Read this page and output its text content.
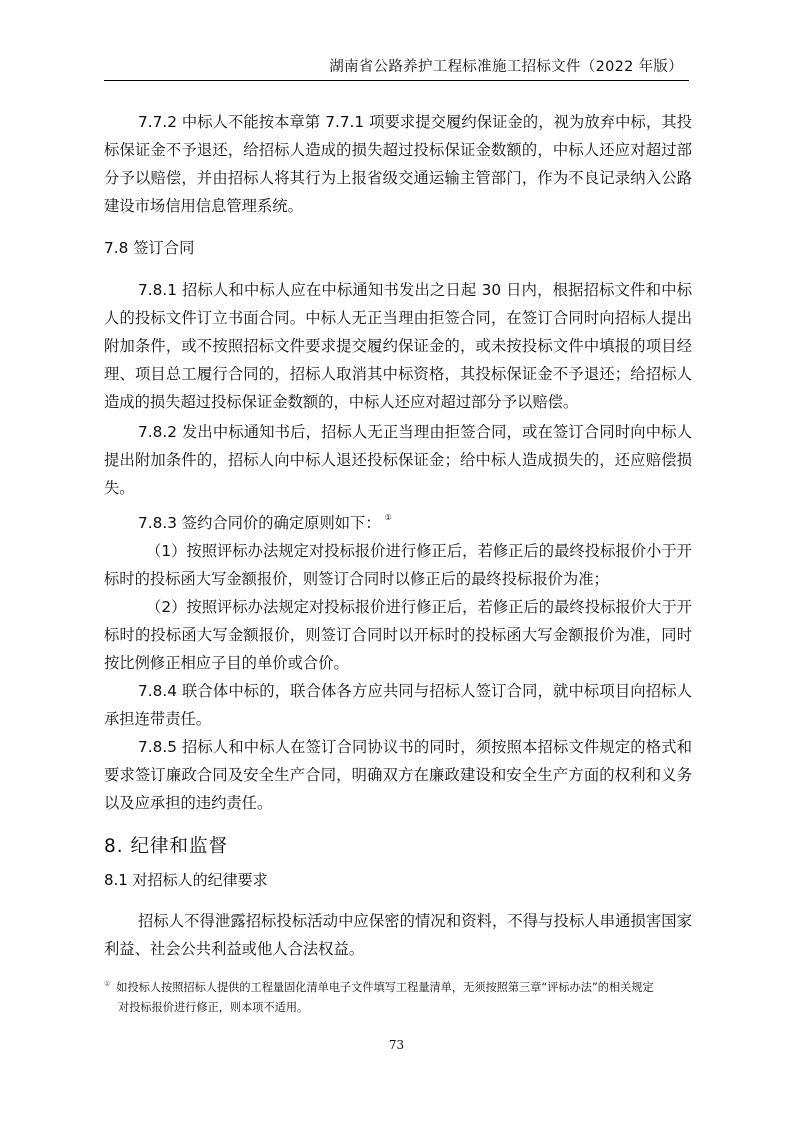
湖南省公路养护工程标准施工招标文件（2022 年版）

7.7.2 中标人不能按本章第 7.7.1 项要求提交履约保证金的，视为放弃中标，其投标保证金不予退还，给招标人造成的损失超过投标保证金数额的，中标人还应对超过部分予以赔偿，并由招标人将其行为上报省级交通运输主管部门，作为不良记录纳入公路建设市场信用信息管理系统。

7.8 签订合同

7.8.1 招标人和中标人应在中标通知书发出之日起 30 日内，根据招标文件和中标人的投标文件订立书面合同。中标人无正当理由拒签合同，在签订合同时向招标人提出附加条件，或不按照招标文件要求提交履约保证金的，或未按投标文件中填报的项目经理、项目总工履行合同的，招标人取消其中标资格，其投标保证金不予退还；给招标人造成的损失超过投标保证金数额的，中标人还应对超过部分予以赔偿。

7.8.2 发出中标通知书后，招标人无正当理由拒签合同，或在签订合同时向中标人提出附加条件的，招标人向中标人退还投标保证金；给中标人造成损失的，还应赔偿损失。

7.8.3 签约合同价的确定原则如下： ①

（1）按照评标办法规定对投标报价进行修正后，若修正后的最终投标报价小于开标时的投标函大写金额报价，则签订合同时以修正后的最终投标报价为准；

（2）按照评标办法规定对投标报价进行修正后，若修正后的最终投标报价大于开标时的投标函大写金额报价，则签订合同时以开标时的投标函大写金额报价为准，同时按比例修正相应子目的单价或合价。

7.8.4 联合体中标的，联合体各方应共同与招标人签订合同，就中标项目向招标人承担连带责任。

7.8.5 招标人和中标人在签订合同协议书的同时，须按照本招标文件规定的格式和要求签订廉政合同及安全生产合同，明确双方在廉政建设和安全生产方面的权利和义务以及应承担的违约责任。

8. 纪律和监督
8.1 对招标人的纪律要求

招标人不得泄露招标投标活动中应保密的情况和资料，不得与投标人串通损害国家利益、社会公共利益或他人合法权益。

① 如投标人按照招标人提供的工程量固化清单电子文件填写工程量清单，无须按照第三章“评标办法”的相关规定
对投标报价进行修正，则本项不适用。
73
